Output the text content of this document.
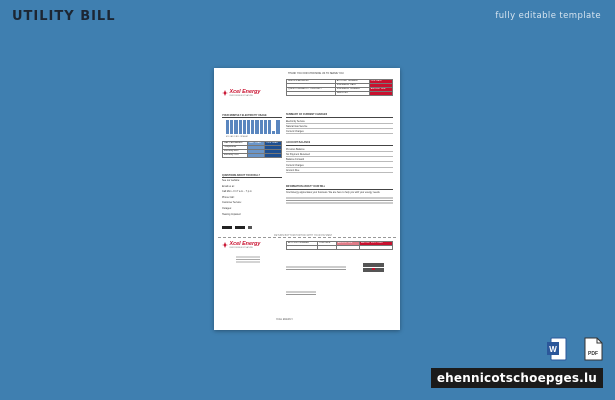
UTILITY BILL	fully editable template
THANK YOU FOR CHOOSING US TO SERVE YOU
Xcel Energy
RESPONSIBLE BY NATURE
SERVICE ADDRESS	ACCOUNT NUMBER	DUE DATE
	STATEMENT DATE	
QUESTIONS ABOUT YOUR BILL?	STATEMENT NUMBER	AMOUNT DUE
	SERVICES	
YOUR MONTHLY ELECTRICITY USAGE
M J J A S O N D J F M A M
DAILY AVERAGES	LAST YEAR	THIS YEAR
Temperature		
Electricity kWh		
Electricity Cost		
QUESTIONS ABOUT YOUR BILL?
See our website:
Email us at:
Call Mon - Fri 7 a.m. - 7 p.m.
Phone Call:
Customer Service:
Outages:
Hearing Impaired:
SUMMARY OF CURRENT CHARGES
Electricity Service
Natural Gas Service
Current Charges
ACCOUNT BALANCE
Previous Balance
No Payment Received
Balance Forward
Current Charges
Amount Due
INFORMATION ABOUT YOUR BILL
Xcel Energy appreciates your business. We are here to help you with your energy needs.
RETURN BOTTOM PORTION WITH YOUR PAYMENT
Xcel Energy
RESPONSIBLE BY NATURE
ACCOUNT NUMBER	DUE DATE	AMOUNT DUE	AMOUNT ENCLOSED

XCEL ENERGY
W	PDF
ehennicotschoepges.lu
